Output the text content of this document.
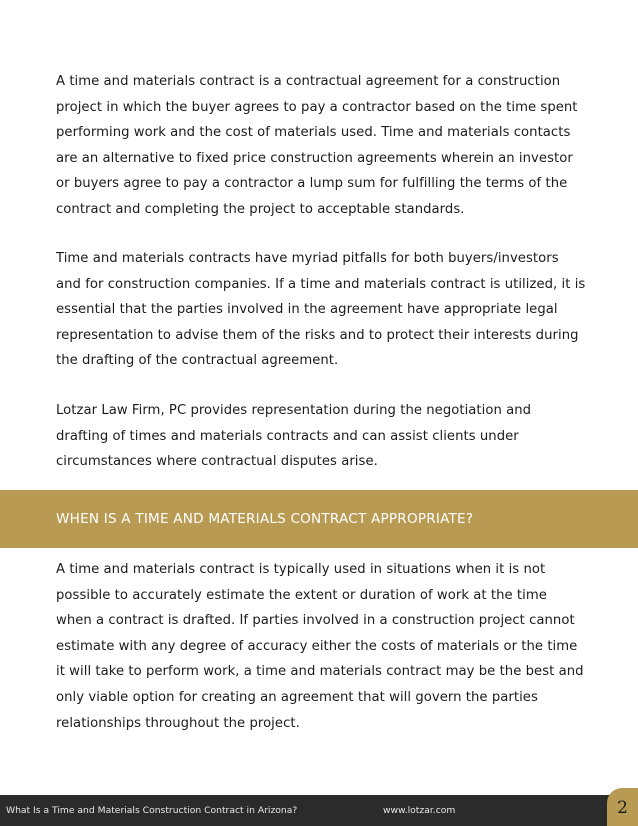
A time and materials contract is a contractual agreement for a construction project in which the buyer agrees to pay a contractor based on the time spent performing work and the cost of materials used. Time and materials contacts are an alternative to fixed price construction agreements wherein an investor or buyers agree to pay a contractor a lump sum for fulfilling the terms of the contract and completing the project to acceptable standards.

Time and materials contracts have myriad pitfalls for both buyers/investors and for construction companies. If a time and materials contract is utilized, it is essential that the parties involved in the agreement have appropriate legal representation to advise them of the risks and to protect their interests during the drafting of the contractual agreement.

Lotzar Law Firm, PC provides representation during the negotiation and drafting of times and materials contracts and can assist clients under circumstances where contractual disputes arise.

WHEN IS A TIME AND MATERIALS CONTRACT APPROPRIATE?

A time and materials contract is typically used in situations when it is not possible to accurately estimate the extent or duration of work at the time when a contract is drafted. If parties involved in a construction project cannot estimate with any degree of accuracy either the costs of materials or the time it will take to perform work, a time and materials contract may be the best and only viable option for creating an agreement that will govern the parties relationships throughout the project.

What Is a Time and Materials Construction Contract in Arizona?	www.lotzar.com	2
